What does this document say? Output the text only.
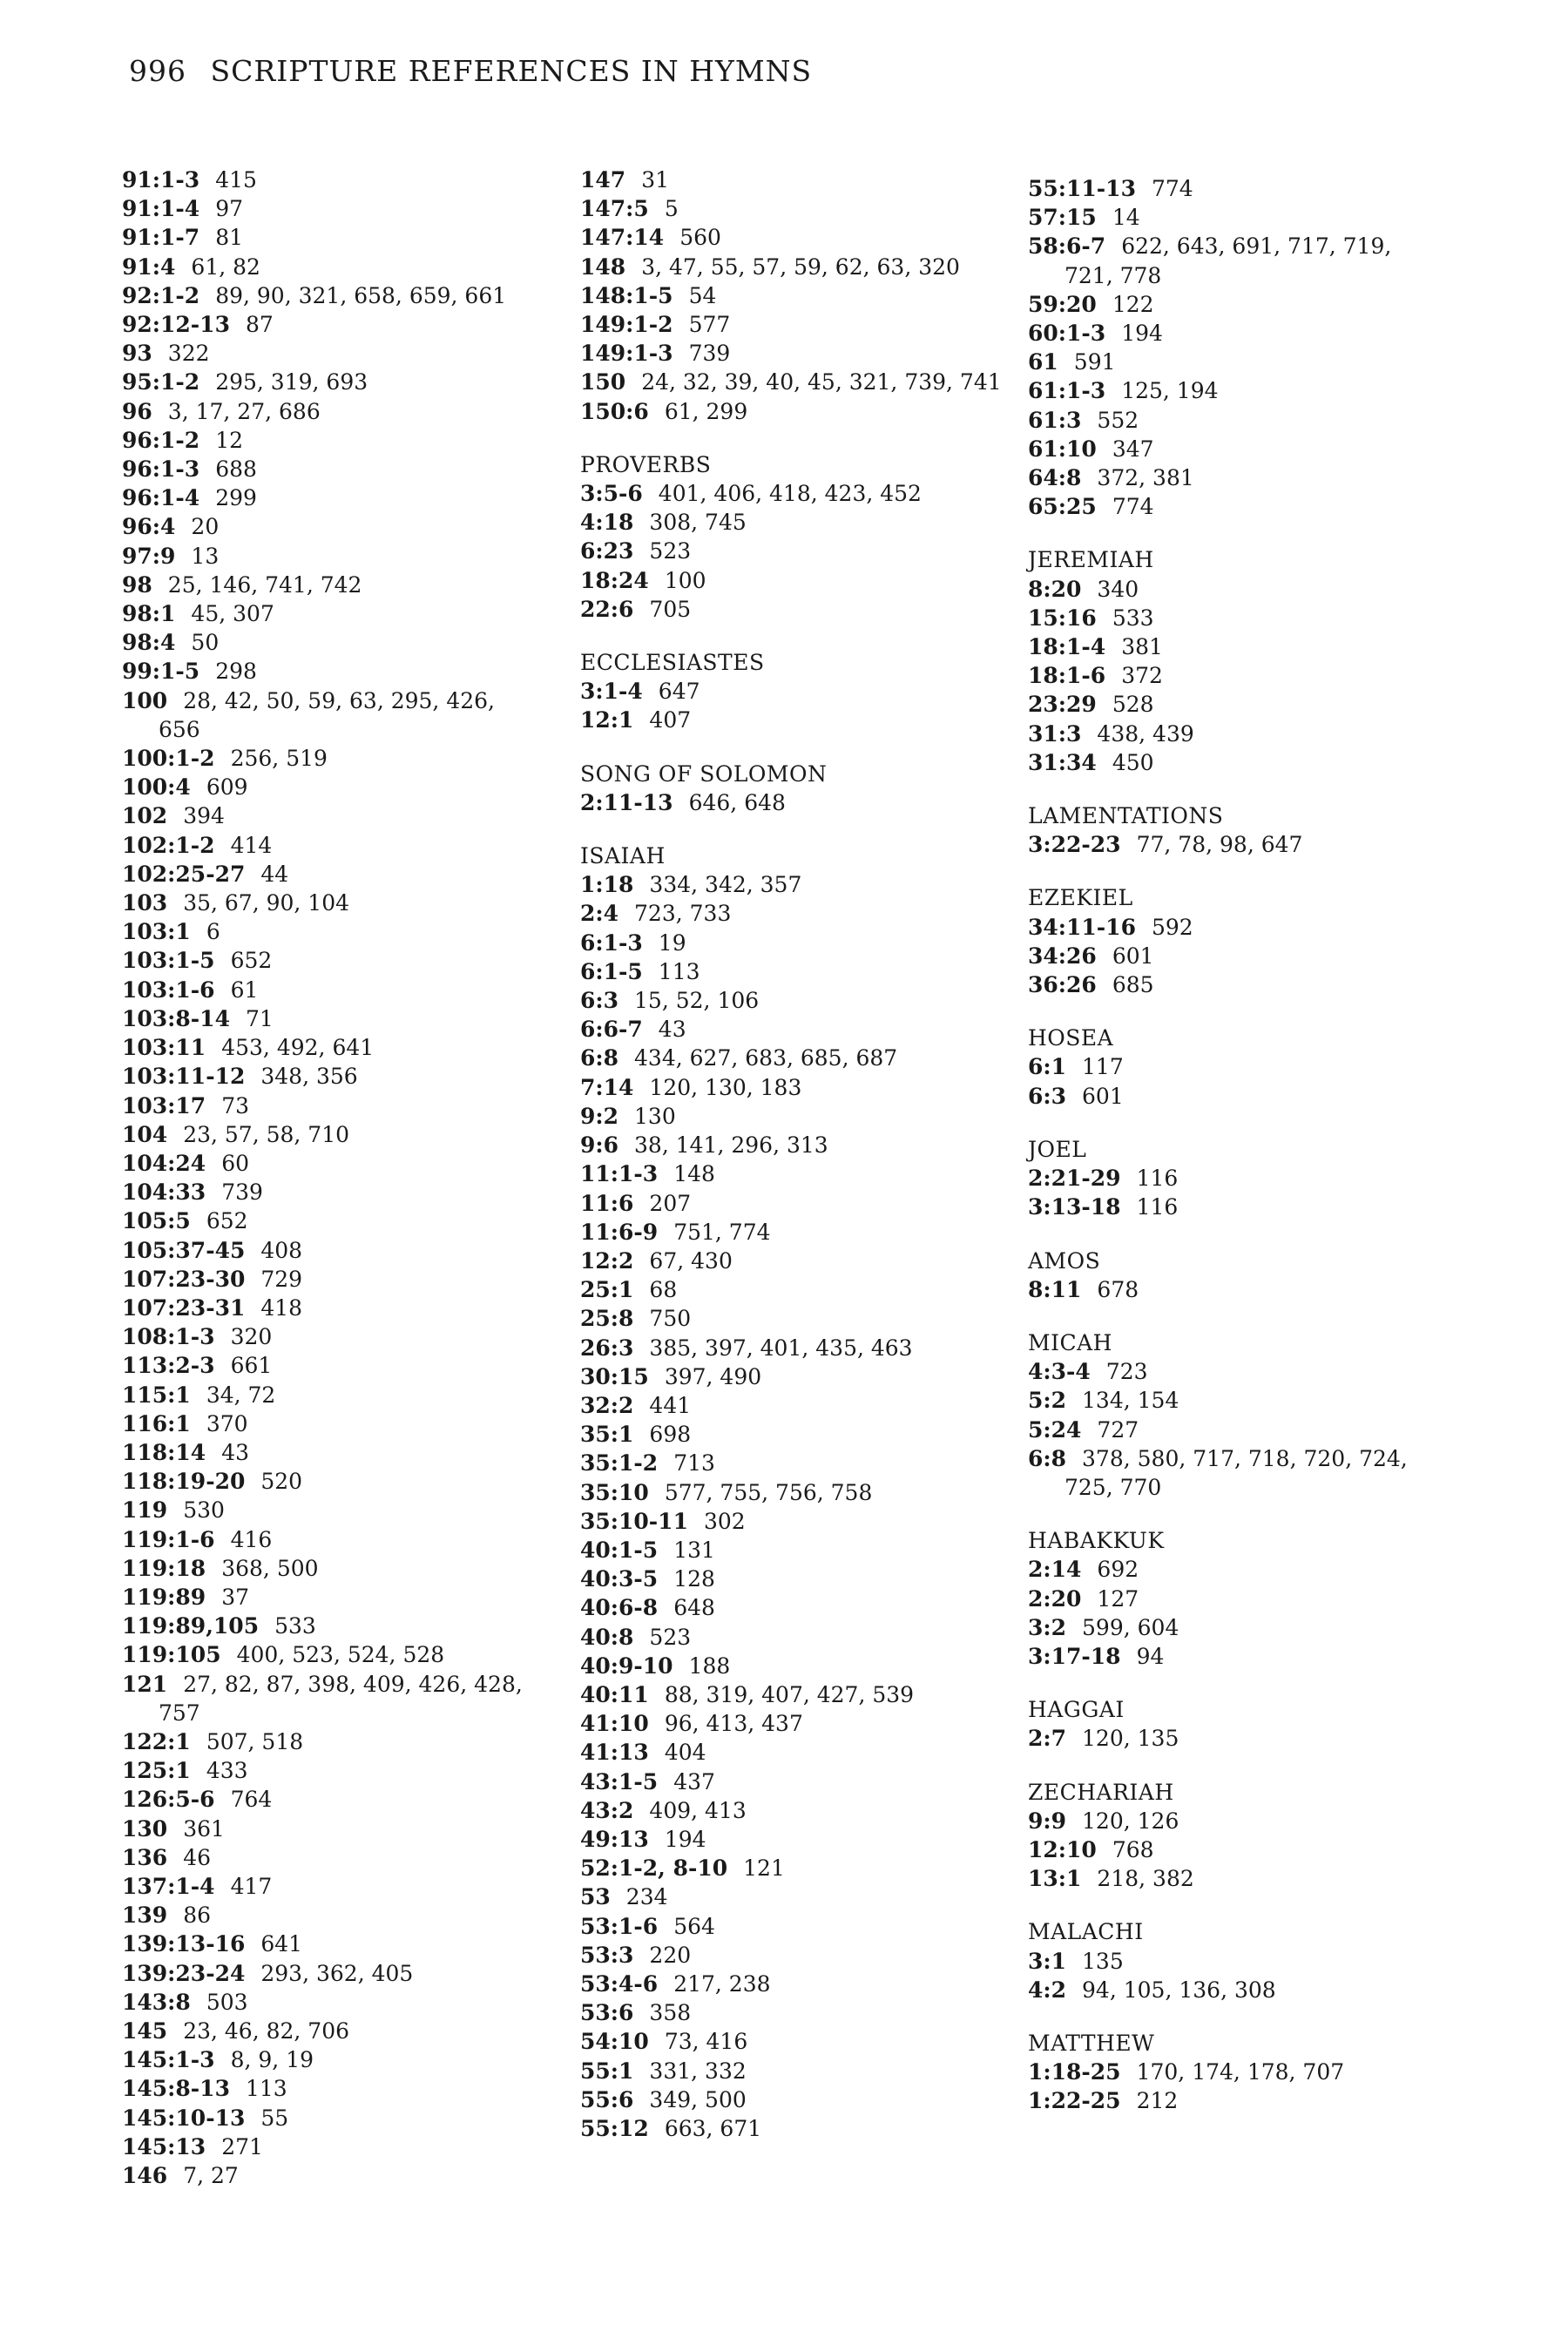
996 SCRIPTURE REFERENCES IN HYMNS
91:1-3 415
91:1-4 97
91:1-7 81
91:4 61, 82
92:1-2 89, 90, 321, 658, 659, 661
92:12-13 87
93 322
95:1-2 295, 319, 693
96 3, 17, 27, 686
96:1-2 12
96:1-3 688
96:1-4 299
96:4 20
97:9 13
98 25, 146, 741, 742
98:1 45, 307
98:4 50
99:1-5 298
100 28, 42, 50, 59, 63, 295, 426, 656
100:1-2 256, 519
100:4 609
102 394
102:1-2 414
102:25-27 44
103 35, 67, 90, 104
103:1 6
103:1-5 652
103:1-6 61
103:8-14 71
103:11 453, 492, 641
103:11-12 348, 356
103:17 73
104 23, 57, 58, 710
104:24 60
104:33 739
105:5 652
105:37-45 408
107:23-30 729
107:23-31 418
108:1-3 320
113:2-3 661
115:1 34, 72
116:1 370
118:14 43
118:19-20 520
119 530
119:1-6 416
119:18 368, 500
119:89 37
119:89,105 533
119:105 400, 523, 524, 528
121 27, 82, 87, 398, 409, 426, 428, 757
122:1 507, 518
125:1 433
126:5-6 764
130 361
136 46
137:1-4 417
139 86
139:13-16 641
139:23-24 293, 362, 405
143:8 503
145 23, 46, 82, 706
145:1-3 8, 9, 19
145:8-13 113
145:10-13 55
145:13 271
146 7, 27
147 31
147:5 5
147:14 560
148 3, 47, 55, 57, 59, 62, 63, 320
148:1-5 54
149:1-2 577
149:1-3 739
150 24, 32, 39, 40, 45, 321, 739, 741
150:6 61, 299
PROVERBS
3:5-6 401, 406, 418, 423, 452
4:18 308, 745
6:23 523
18:24 100
22:6 705
ECCLESIASTES
3:1-4 647
12:1 407
SONG OF SOLOMON
2:11-13 646, 648
ISAIAH
1:18 334, 342, 357
2:4 723, 733
6:1-3 19
6:1-5 113
6:3 15, 52, 106
6:6-7 43
6:8 434, 627, 683, 685, 687
7:14 120, 130, 183
9:2 130
9:6 38, 141, 296, 313
11:1-3 148
11:6 207
11:6-9 751, 774
12:2 67, 430
25:1 68
25:8 750
26:3 385, 397, 401, 435, 463
30:15 397, 490
32:2 441
35:1 698
35:1-2 713
35:10 577, 755, 756, 758
35:10-11 302
40:1-5 131
40:3-5 128
40:6-8 648
40:8 523
40:9-10 188
40:11 88, 319, 407, 427, 539
41:10 96, 413, 437
41:13 404
43:1-5 437
43:2 409, 413
49:13 194
52:1-2, 8-10 121
53 234
53:1-6 564
53:3 220
53:4-6 217, 238
53:6 358
54:10 73, 416
55:1 331, 332
55:6 349, 500
55:12 663, 671
55:11-13 774
57:15 14
58:6-7 622, 643, 691, 717, 719, 721, 778
59:20 122
60:1-3 194
61 591
61:1-3 125, 194
61:3 552
61:10 347
64:8 372, 381
65:25 774
JEREMIAH
8:20 340
15:16 533
18:1-4 381
18:1-6 372
23:29 528
31:3 438, 439
31:34 450
LAMENTATIONS
3:22-23 77, 78, 98, 647
EZEKIEL
34:11-16 592
34:26 601
36:26 685
HOSEA
6:1 117
6:3 601
JOEL
2:21-29 116
3:13-18 116
AMOS
8:11 678
MICAH
4:3-4 723
5:2 134, 154
5:24 727
6:8 378, 580, 717, 718, 720, 724, 725, 770
HABAKKUK
2:14 692
2:20 127
3:2 599, 604
3:17-18 94
HAGGAI
2:7 120, 135
ZECHARIAH
9:9 120, 126
12:10 768
13:1 218, 382
MALACHI
3:1 135
4:2 94, 105, 136, 308
MATTHEW
1:18-25 170, 174, 178, 707
1:22-25 212
